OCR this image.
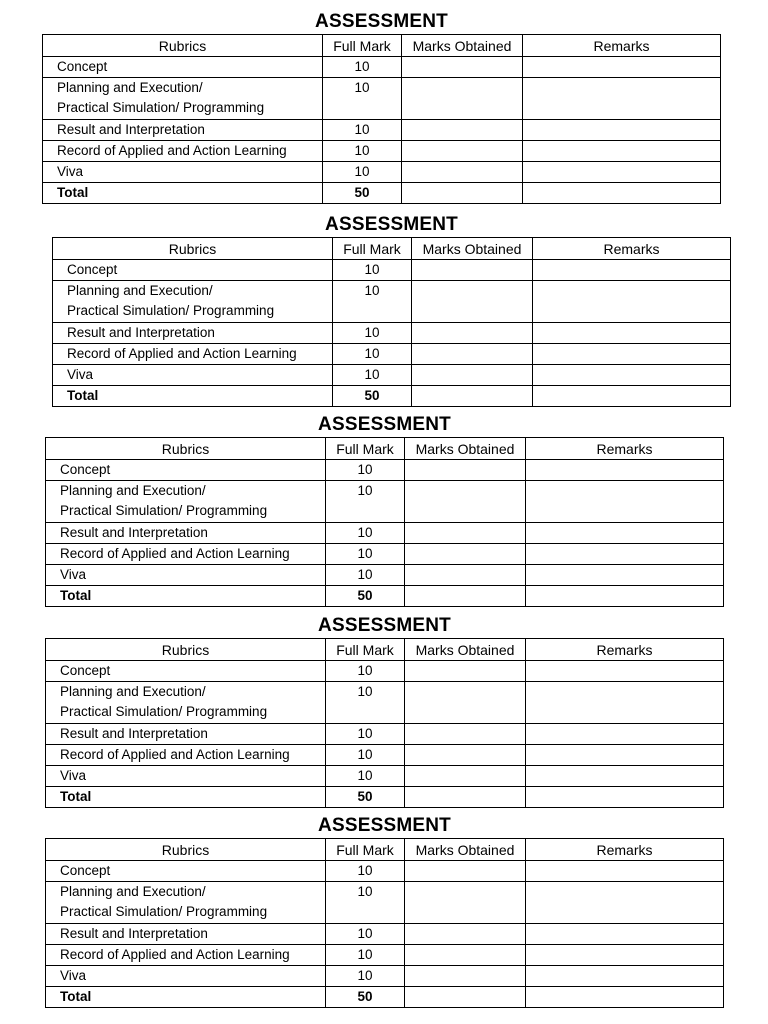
ASSESSMENT
Rubrics	Full Mark	Marks Obtained	Remarks
Concept	10		

Planning and Execution/
Practical Simulation/ Programming	10		
Result and Interpretation	10		
Record of Applied and Action Learning	10		
Viva	10		
Total	50		
ASSESSMENT
Rubrics	Full Mark	Marks Obtained	Remarks
Concept	10		

Planning and Execution/
Practical Simulation/ Programming	10		
Result and Interpretation	10		
Record of Applied and Action Learning	10		
Viva	10		
Total	50		
ASSESSMENT
Rubrics	Full Mark	Marks Obtained	Remarks
Concept	10		

Planning and Execution/
Practical Simulation/ Programming	10		
Result and Interpretation	10		
Record of Applied and Action Learning	10		
Viva	10		
Total	50		
ASSESSMENT
Rubrics	Full Mark	Marks Obtained	Remarks
Concept	10		

Planning and Execution/
Practical Simulation/ Programming	10		
Result and Interpretation	10		
Record of Applied and Action Learning	10		
Viva	10		
Total	50		
ASSESSMENT
Rubrics	Full Mark	Marks Obtained	Remarks
Concept	10		

Planning and Execution/
Practical Simulation/ Programming	10		
Result and Interpretation	10		
Record of Applied and Action Learning	10		
Viva	10		
Total	50		
